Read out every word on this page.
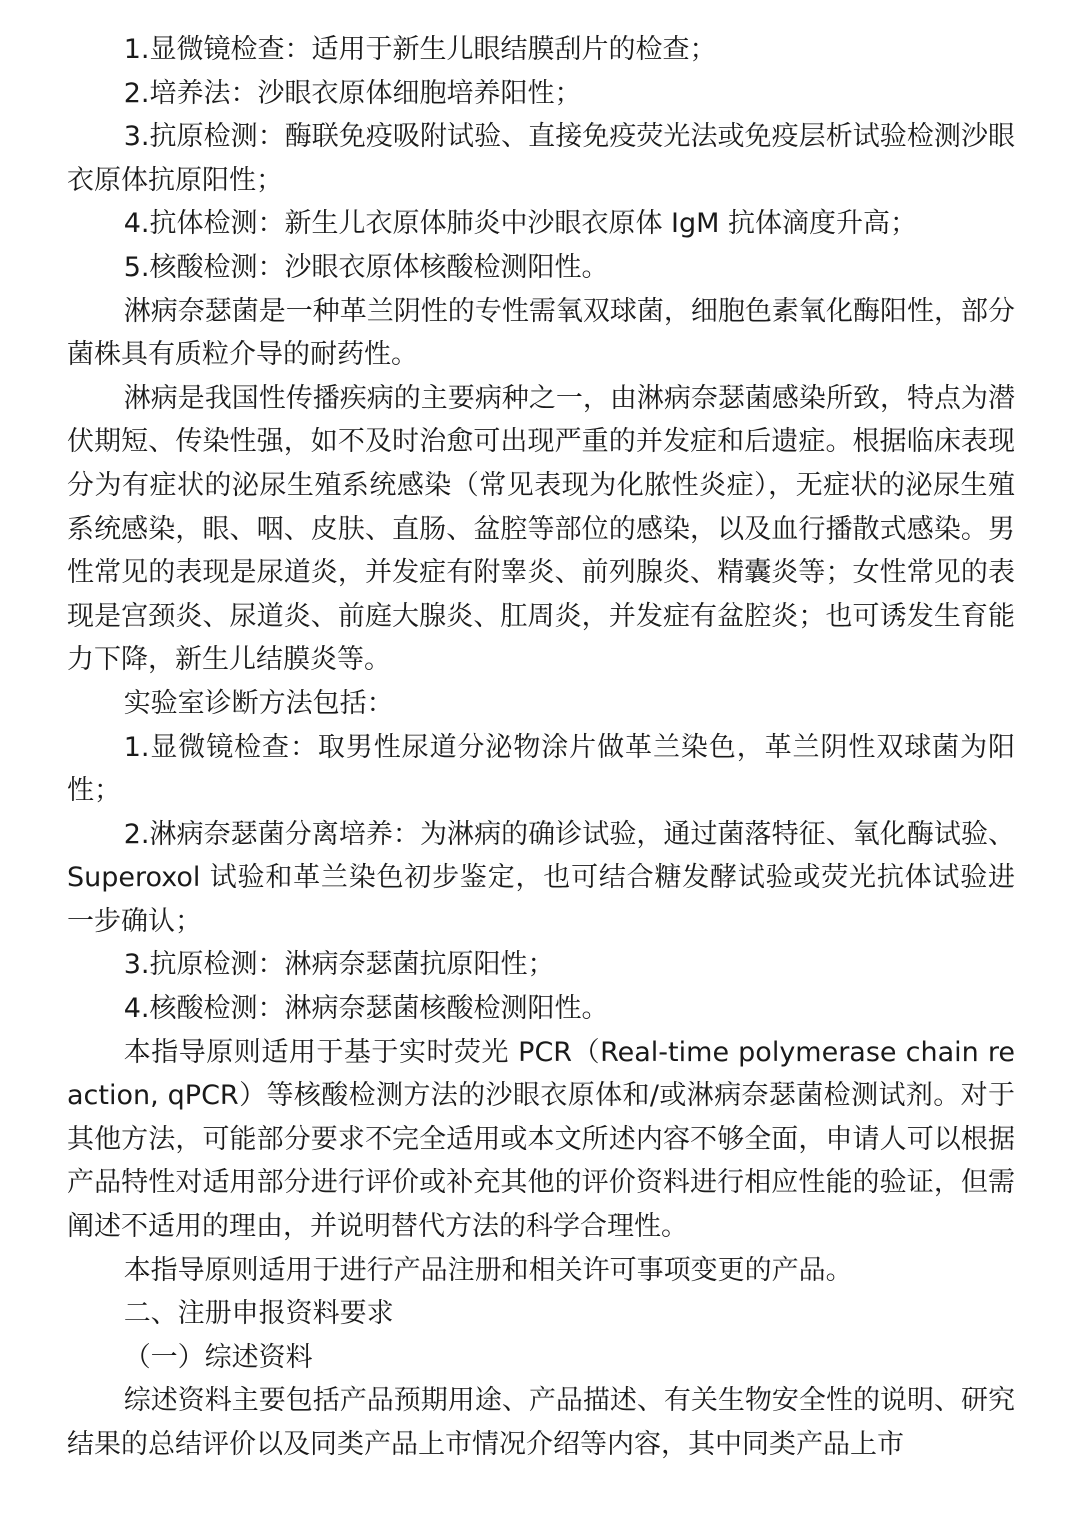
1.显微镜检查：适用于新生儿眼结膜刮片的检查；

2.培养法：沙眼衣原体细胞培养阳性；

3.抗原检测：酶联免疫吸附试验、直接免疫荧光法或免疫层析试验检测沙眼衣原体抗原阳性；

4.抗体检测：新生儿衣原体肺炎中沙眼衣原体 IgM 抗体滴度升高；

5.核酸检测：沙眼衣原体核酸检测阳性。

淋病奈瑟菌是一种革兰阴性的专性需氧双球菌，细胞色素氧化酶阳性，部分菌株具有质粒介导的耐药性。

淋病是我国性传播疾病的主要病种之一，由淋病奈瑟菌感染所致，特点为潜伏期短、传染性强，如不及时治愈可出现严重的并发症和后遗症。根据临床表现分为有症状的泌尿生殖系统感染（常见表现为化脓性炎症），无症状的泌尿生殖系统感染，眼、咽、皮肤、直肠、盆腔等部位的感染，以及血行播散式感染。男性常见的表现是尿道炎，并发症有附睾炎、前列腺炎、精囊炎等；女性常见的表现是宫颈炎、尿道炎、前庭大腺炎、肛周炎，并发症有盆腔炎；也可诱发生育能力下降，新生儿结膜炎等。

实验室诊断方法包括：

1.显微镜检查：取男性尿道分泌物涂片做革兰染色，革兰阴性双球菌为阳性；

2.淋病奈瑟菌分离培养：为淋病的确诊试验，通过菌落特征、氧化酶试验、Superoxol 试验和革兰染色初步鉴定，也可结合糖发酵试验或荧光抗体试验进一步确认；

3.抗原检测：淋病奈瑟菌抗原阳性；

4.核酸检测：淋病奈瑟菌核酸检测阳性。

本指导原则适用于基于实时荧光 PCR（Real-time polymerase chain reaction, qPCR）等核酸检测方法的沙眼衣原体和/或淋病奈瑟菌检测试剂。对于其他方法，可能部分要求不完全适用或本文所述内容不够全面，申请人可以根据产品特性对适用部分进行评价或补充其他的评价资料进行相应性能的验证，但需阐述不适用的理由，并说明替代方法的科学合理性。

本指导原则适用于进行产品注册和相关许可事项变更的产品。

二、注册申报资料要求

（一）综述资料

综述资料主要包括产品预期用途、产品描述、有关生物安全性的说明、研究结果的总结评价以及同类产品上市情况介绍等内容，其中同类产品上市
